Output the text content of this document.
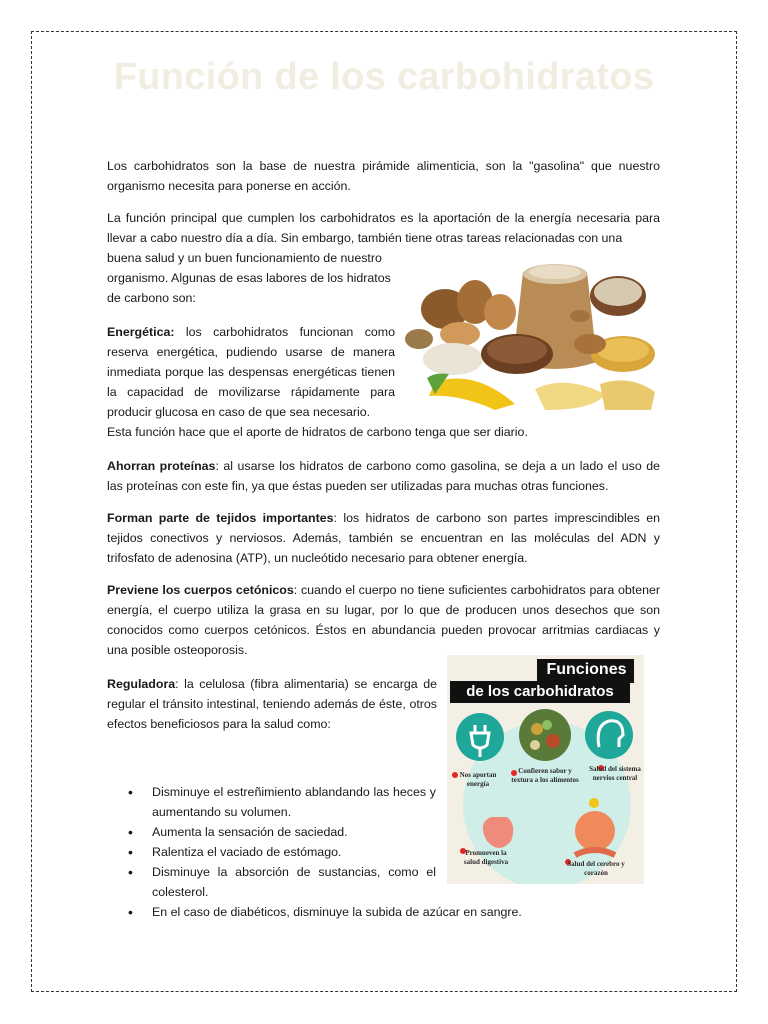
Función de los carbohidratos

Los carbohidratos son la base de nuestra pirámide alimenticia, son la "gasolina" que nuestro organismo necesita para ponerse en acción.

La función principal que cumplen los carbohidratos es la aportación de la energía necesaria para llevar a cabo nuestro día a día. Sin embargo, también tiene otras tareas relacionadas con una

buena salud y un buen funcionamiento de nuestro organismo. Algunas de esas labores de los hidratos de carbono son:

Energética: los carbohidratos funcionan como reserva energética, pudiendo usarse de manera inmediata porque las despensas energéticas tienen la capacidad de movilizarse rápidamente para producir glucosa en caso de que sea necesario.

Esta función hace que el aporte de hidratos de carbono tenga que ser diario.

Ahorran proteínas: al usarse los hidratos de carbono como gasolina, se deja a un lado el uso de las proteínas con este fin, ya que éstas pueden ser utilizadas para muchas otras funciones.

Forman parte de tejidos importantes: los hidratos de carbono son partes imprescindibles en tejidos conectivos y nerviosos. Además, también se encuentran en las moléculas del ADN y trifosfato de adenosina (ATP), un nucleótido necesario para obtener energía.

Previene los cuerpos cetónicos: cuando el cuerpo no tiene suficientes carbohidratos para obtener energía, el cuerpo utiliza la grasa en su lugar, por lo que de producen unos desechos que son conocidos como cuerpos cetónicos. Éstos en abundancia pueden provocar arritmias cardiacas y una posible osteoporosis.

Reguladora: la celulosa (fibra alimentaria) se encarga de regular el tránsito intestinal, teniendo además de éste, otros efectos beneficiosos para la salud como:

Funciones
de los carbohidratos
Nos aportan energía
Confieren sabor y textura a los alimentos
Salud del sistema nervios central
Promueven la salud digestiva	Salud del cerebro y corazón
• Disminuye el estreñimiento ablandando las heces y aumentando su volumen.
• Aumenta la sensación de saciedad.
• Ralentiza el vaciado de estómago.
• Disminuye la absorción de sustancias, como el colesterol.
• En el caso de diabéticos, disminuye la subida de azúcar en sangre.
